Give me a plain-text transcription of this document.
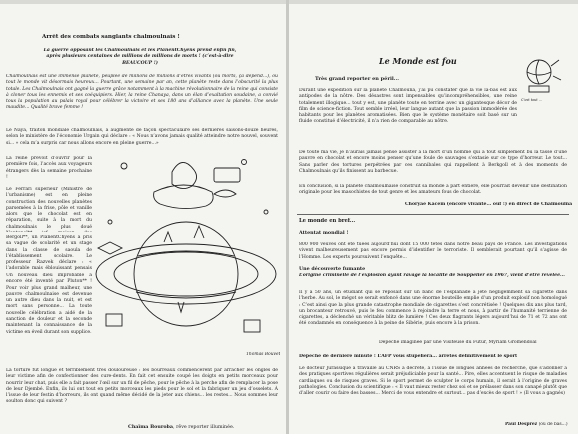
Arrêt des combats sanglants chalmoulnais !
La guerre opposant les Chalmoulnais et les PlanentChyens prend enfin fin, après plusieurs centaines de millions de millions de morts ! (c’est-à-dire BEAUCOUP !)
Chalmoulnais est une immense planète, peuplée de millions de millions d’êtres vivants (ou morts, ça dépend...), où tout le monde vit désormais heureux... Pourtant, une semaine par an, cette planète reste dans l’obscurité la plus totale. Les Chalmoulnais ont gagné la guerre grâce notamment à la machine révolutionnaire de la reine qui consiste à cloner tous les ennemis et ses coéquipiers. Hier, la reine Chanaya, dans un élan d’exaltation soudaine, a convié tous la population au palais royal pour célébrer la victoire et ses 180 ans d’alliance avec la planète. Une seule maudite... Qualité brave femme !
Le Naya, traiton mondiale chalmoulnais, a augmenté de façon spectaculaire ses dernières saisons-douze heures, selon le ministère de l’économie Urgain qui déclare : « Nous n’avons jamais qualité atteindre notre nouvel, souvent si... » cela m’a surpris car nous allons encore en pleine guerre...»
La reine prévoit d’ouvrir pour la première fois, l’accès aux voyageurs étrangers dès la semaine prochaine !
Le Ferrari supérieur (Ministre de l’urbanisme) est en pleine construction des nouvelles planètes parsemées à la frise, pôle et vanille alors que le chocolat est en réparation, suite à la mort du chalmoulnais le plus doué
Bergoll**, un PlanentChyens a pris sa vague de scolarité et un stage dans la classe de saoula de l’établissement scolaire. Le professeur Razvek déclare : « l’adorable mais éblouissant pensais
Un nouveau dieu improbable a encore été inventé par Pluton** ! Pour voir plus grand malheur, une pauvre chalmoulnaise est devenue un autre dieu dans la nuit, et est mort sans personne... La toute nouvelle célébration a aidé de la sanction de douleur et la seconde maintenant la connaissance de la victime en éveil durant son supplice.
Thomas Bouvet
La torture fut longue et terriblement très douloureuse : les bourreaux commencèrent par arracher les ongles de leur victime afin de confectionner des cure-dents. En fait cet ensuite coupé les doigts en petits morceaux pour nourrir leur chat, puis elle a fait passer l’œil sur un fil de pêche, pour le pêche à la perche afin de remplacer la pose de leur Djembé. Enfin, ils lui ont tout en petits morceaux les pieds pour le sol et la fabriquer un jeu d’osselets. À l’issue de leur festin d’horreurs, ils ont quand même décidé de la jeter aux chiens... les restes... Nous sommes leur soulton donc qui suivent ?
Chaïma Bouroba, rêve reporter illuminée.
Le Monde est fou
C'est tout ...
Très grand reporter en péril...
Durant une expédition sur la planète Chalmouna, j’ai pu constater que la vie là-bas est aux antipodes de la nôtre. Des désastres sont impensables qu’incompréhensibles, une reine totalement illogique... tout y est, une planète toute en terrine avec un gigantesque décor de film de science-fiction. Tout semble irréel, leur langue autant que la passion immodérée des habitants pour les planètes aromatisées. Bien que le système monétaire soit basé sur un fluide constitué d’électricité, il n’a rien de comparable au nôtre.
De toute ma vie, je n’aurais jamais pensé assister à la mort d’un homme qui a tout simplement bu la tasse d’une pauvre en chocolat et encore moins penser qu’une foule de sauvages s’extasie sur ce type d’horreur. Le tout... Sans parler des tortures perpétrées par ces cannibales qui rappellent à Berkgoll et à des moments de Chalmoulnais qu’ils finissent au barbecue.
En conclusion, si la planète chalmoulnaise construit sa monde à part entière, elle pourrait devenir une destination originale pour les masochistes de tout genre et les amateurs fous de chocolat.
Choryae Kacem (encore vivante... ouf !) en direct de Chalmoulna
Le monde en bref...
Attentat mondial !
800 900 veuves ont été tuées aujourd’hui dont 15 000 têtes dans notre beau pays de France. Les investigations vivent malheureusement pas encore permis d’identifier le terroriste. Il semblerait pourtant qu’il s’agisse de l’Homme. Les experts poursuivent l’enquête...
Une découverte fumante
L’origine criminelle de l’explosion ayant ravagé la localité de Souppelier en 1967, vient d’être révélée...
Il y a 50 ans, un étudiant qui se reposait sur un banc de l’esplanade a jeté négligemment sa cigarette dans l’herbe. Au sol, le mégot se serait enfoncé dans une énorme bouteille emplie d’un produit explosif non homologué : C’est ainsi que la plus grande catastrophe mondiale de cigarettes s’est concrétisée ! Quelques dix ans plus tard, un brocanteur retrouvé, puis le feu commence à rejoindre la terre et nous, à partir de l’humanité terrienne de cigarettes, a déclenché un véritable blitz de lumière ! Ces deux flagrants légers aujourd’hui de 71 et 72 ans ont été condamnés en conséquence à la peine de Sibérie, puis encore à la prison.
Dépêche imaginée par une Visiteuse du Futur, Myriam Gromendoal
Dépêche de dernière minute ! L’AFP vous stupéfiera... arrêtés définitivement le sport
Le docteur Jurassique a travaillé au CNRS à décrété, à l’issue de longues années de recherche, que s’adonner à des pratiques sportives régulières serait préjudiciable pour la santé... Pire, elles accentuent le risque de maladies cardiaques ou de risques graves. Si le sport permet de sculpter le corps humain, il serait à l’origine de graves pathologies. Conclusion du scientifique : « Il vaut mieux rester chez soi et se prélasser dans son canapé plutôt que d’aller courir ou faire des basses... Merci de vous entendre et surtout... pas d’excès de sport ! » (Il vous a gagnés)
Paul Despréz (ou de bas...)
